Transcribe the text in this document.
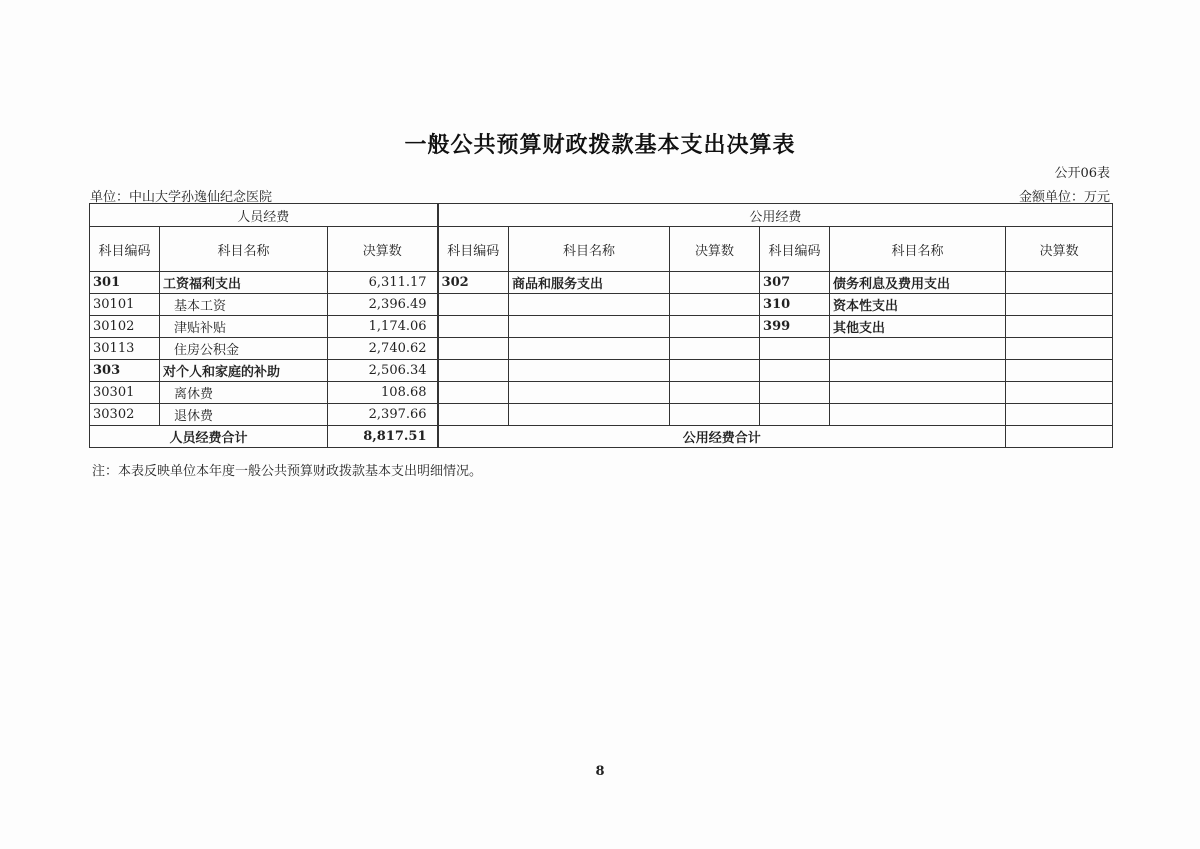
一般公共预算财政拨款基本支出决算表
公开06表
单位：中山大学孙逸仙纪念医院	金额单位：万元
人员经费			公用经费					
科目编码	科目名称	决算数	科目编码	科目名称	决算数	科目编码	科目名称	决算数
301	工资福利支出	6,311.17	302	商品和服务支出		307	债务利息及费用支出	
30101	基本工资	2,396.49				310	资本性支出	
30102	津贴补贴	1,174.06				399	其他支出	
30113	住房公积金	2,740.62						
303	对个人和家庭的补助	2,506.34						
30301	离休费	108.68						
30302	退休费	2,397.66						
人员经费合计		8,817.51	公用经费合计					
注：本表反映单位本年度一般公共预算财政拨款基本支出明细情况。
8
